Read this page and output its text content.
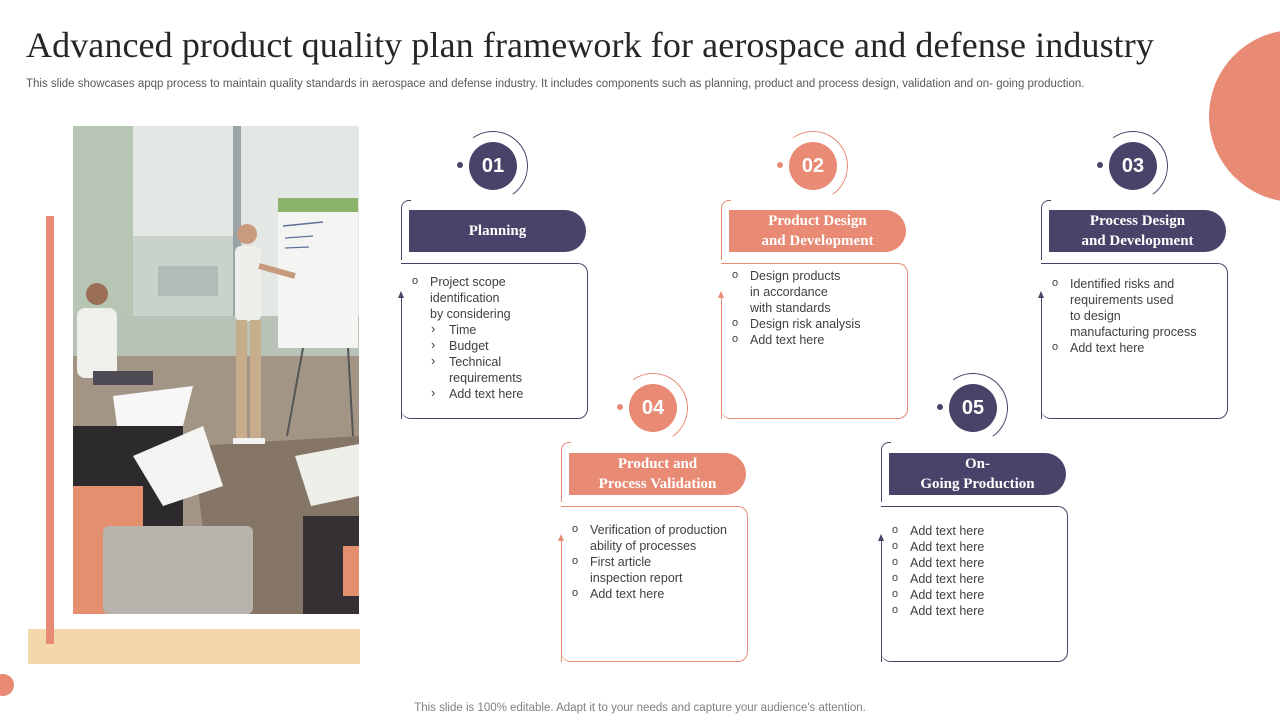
Advanced product quality plan framework for aerospace and defense industry
This slide showcases apqp process to maintain quality standards in aerospace and defense industry. It includes components such as planning, product and process design, validation and on- going production.
01
Planning
o Project scope
identification
by considering
› Time
› Budget
› Technical
requirements
› Add text here
02
Product Design
and Development
o Design products
in accordance
with standards
o Design risk analysis
o Add text here
03
Process Design
and Development
o Identified risks and
requirements used
to design
manufacturing process
o Add text here
04
Product and
Process Validation
o Verification of production
ability of processes
o First article
inspection report
o Add text here
05
On-
Going Production
o Add text here
o Add text here
o Add text here
o Add text here
o Add text here
o Add text here
This slide is 100% editable. Adapt it to your needs and capture your audience's attention.
